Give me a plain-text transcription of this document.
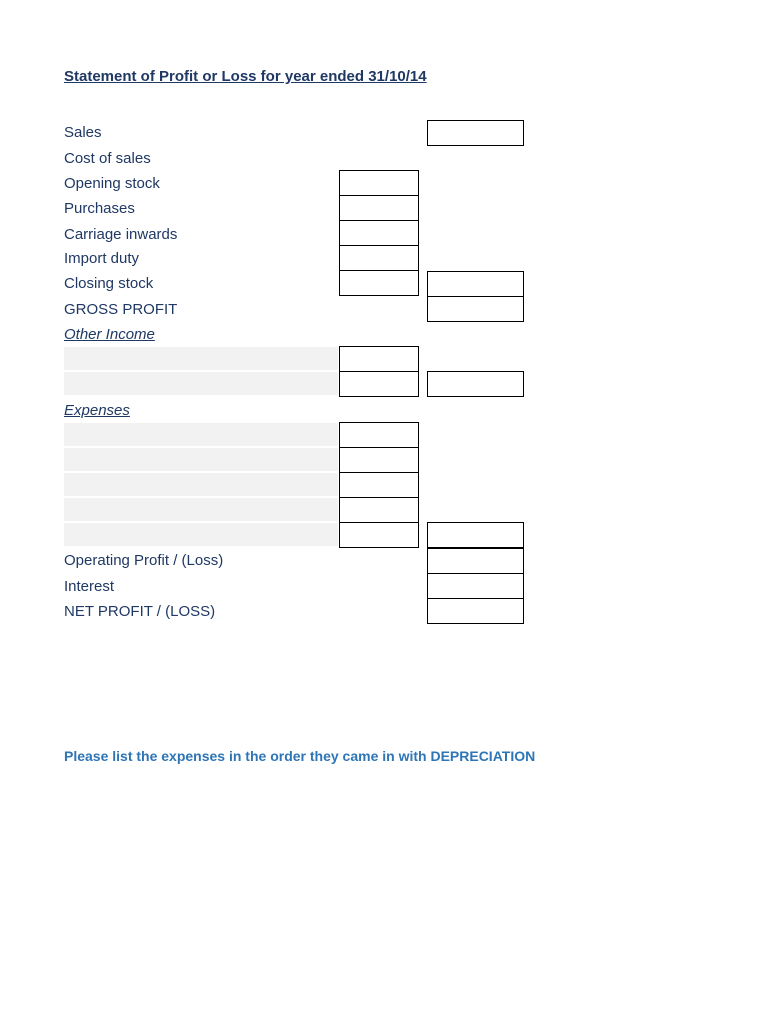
Statement of Profit or Loss for year ended 31/10/14
Sales
Cost of sales
Opening stock
Purchases
Carriage inwards
Import duty
Closing stock
GROSS PROFIT
Other Income
Expenses
Operating Profit / (Loss)
Interest
NET PROFIT / (LOSS)
Please list the expenses in the order they came in with DEPRECIATION
